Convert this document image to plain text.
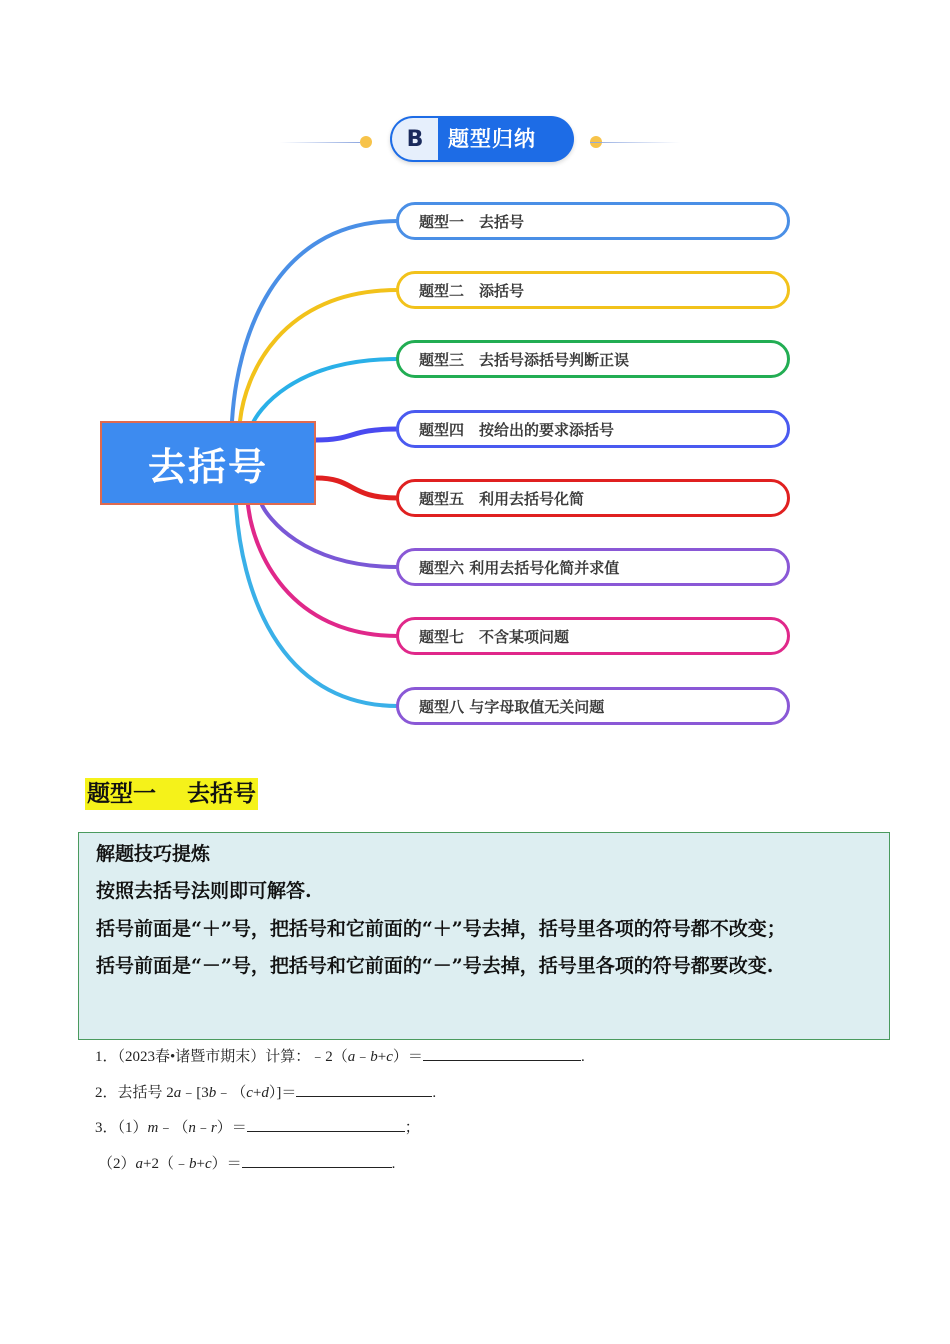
B	题型归纳
去括号
题型一　去括号
题型二　添括号
题型三　去括号添括号判断正误
题型四　按给出的要求添括号
题型五　利用去括号化简
题型六 利用去括号化简并求值
题型七　不含某项问题
题型八 与字母取值无关问题
题型一　 去括号

解题技巧提炼

按照去括号法则即可解答.

括号前面是“＋”号，把括号和它前面的“＋”号去掉，括号里各项的符号都不改变；

括号前面是“－”号，把括号和它前面的“－”号去掉，括号里各项的符号都要改变.

1．（2023春•诸暨市期末）计算：﹣2（a﹣b+c）＝	.
2．去括号 2a﹣[3b﹣（c+d）]＝	.
3．（1）m﹣（n﹣r）＝	；
（2）a+2（﹣b+c）＝	.
